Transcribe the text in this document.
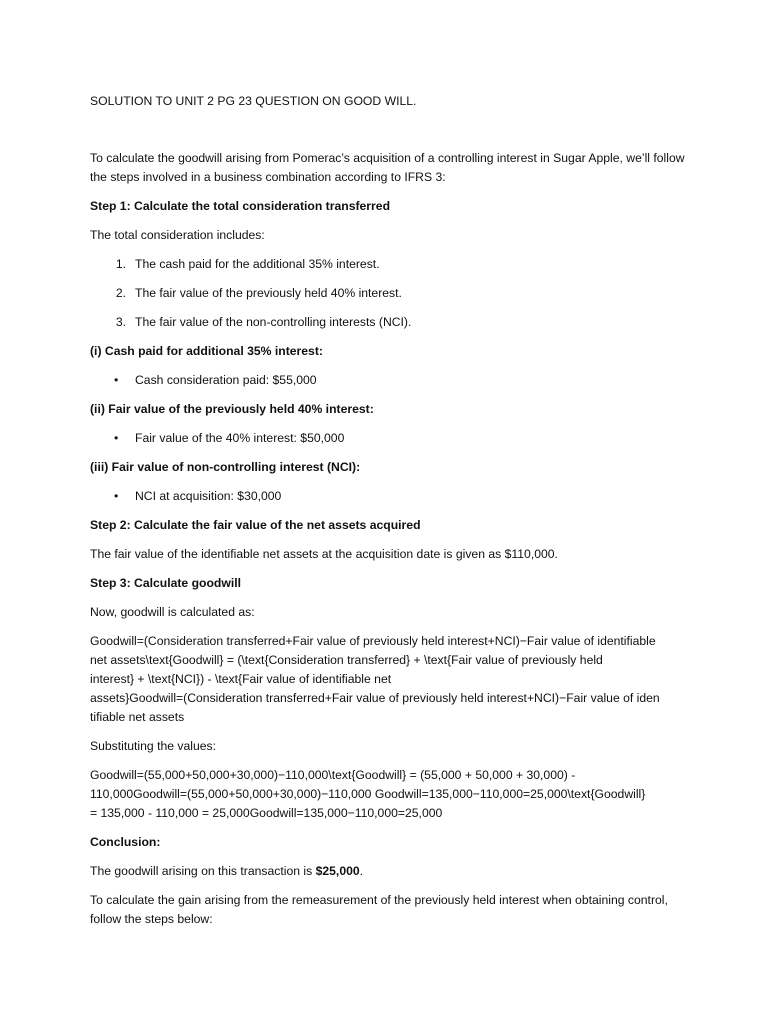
SOLUTION TO UNIT 2 PG 23 QUESTION ON GOOD WILL.

To calculate the goodwill arising from Pomerac’s acquisition of a controlling interest in Sugar Apple, we’ll follow the steps involved in a business combination according to IFRS 3:

Step 1: Calculate the total consideration transferred

The total consideration includes:

1. The cash paid for the additional 35% interest.
2. The fair value of the previously held 40% interest.
3. The fair value of the non-controlling interests (NCI).

(i) Cash paid for additional 35% interest:

• Cash consideration paid: $55,000

(ii) Fair value of the previously held 40% interest:

• Fair value of the 40% interest: $50,000

(iii) Fair value of non-controlling interest (NCI):

• NCI at acquisition: $30,000

Step 2: Calculate the fair value of the net assets acquired

The fair value of the identifiable net assets at the acquisition date is given as $110,000.

Step 3: Calculate goodwill

Now, goodwill is calculated as:

Goodwill=(Consideration transferred+Fair value of previously held interest+NCI)−Fair value of identifiable
net assets\text{Goodwill} = (\text{Consideration transferred} + \text{Fair value of previously held
interest} + \text{NCI}) - \text{Fair value of identifiable net
assets}Goodwill=(Consideration transferred+Fair value of previously held interest+NCI)−Fair value of iden
tifiable net assets

Substituting the values:

Goodwill=(55,000+50,000+30,000)−110,000\text{Goodwill} = (55,000 + 50,000 + 30,000) -
110,000Goodwill=(55,000+50,000+30,000)−110,000 Goodwill=135,000−110,000=25,000\text{Goodwill}
= 135,000 - 110,000 = 25,000Goodwill=135,000−110,000=25,000

Conclusion:

The goodwill arising on this transaction is $25,000.

To calculate the gain arising from the remeasurement of the previously held interest when obtaining control, follow the steps below:
